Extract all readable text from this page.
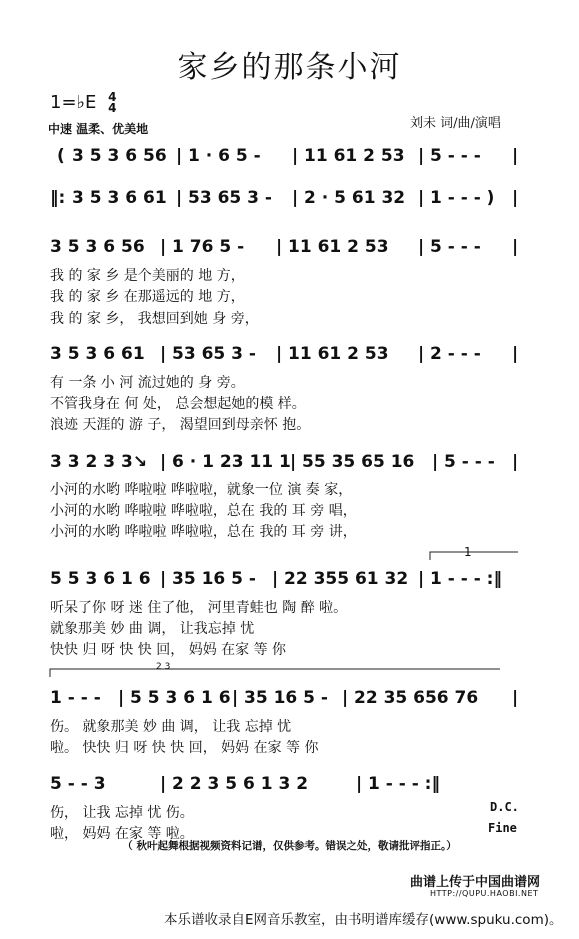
家乡的那条小河
1=♭E 4
4
中速 温柔、优美地	刘未 词/曲/演唱
( 3 5 3 6 56 | 1 · 6 5 - | 11 61 2 53 | 5 - - - |
‖: 3 5 3 6 61 | 53 65 3 - | 2 · 5 61 32 | 1 - - - ) |
3 5 3 6 56 | 1 76 5 - | 11 61 2 53 | 5 - - - |
我 的 家 乡 是个美丽的 地 方，
我 的 家 乡 在那遥远的 地 方，
我 的 家 乡， 我想回到她 身 旁，
3 5 3 6 61 | 53 65 3 - | 11 61 2 53 | 2 - - - |
有 一条 小 河 流过她的 身 旁。
不管我身在 何 处， 总会想起她的模 样。
浪迹 天涯的 游 子， 渴望回到母亲怀 抱。
3 3 2 3 3↘ | 6 · 1 23 11 1 | 55 35 65 16 | 5 - - - |
小河的水哟 哗啦啦 哗啦啦，就象一位 演 奏 家，
小河的水哟 哗啦啦 哗啦啦，总在 我的 耳 旁 唱，
小河的水哟 哗啦啦 哗啦啦，总在 我的 耳 旁 讲，
5 5 3 6 1 6 | 35 16 5 - | 22 355 61 32 | 1 - - - :‖
听呆了你 呀 迷 住了他， 河里青蛙也 陶 醉 啦。
就象那美 妙 曲 调， 让我忘掉 忧
快快 归 呀 快 快 回， 妈妈 在家 等 你
1 - - - | 5 5 3 6 1 6 | 35 16 5 - | 22 35 656 76 |
伤。 就象那美 妙 曲 调， 让我 忘掉 忧
啦。 快快 归 呀 快 快 回， 妈妈 在家 等 你
5 - - 3	| 2 2 3 5 6 1 3 2	| 1 - - - :‖
伤， 让我 忘掉 忧 伤。
啦， 妈妈 在家 等 啦。
1
2 3
D.C.
Fine
（ 秋叶起舞根据视频资料记谱，仅供参考。错误之处，敬请批评指正。）
曲谱上传于中国曲谱网
HTTP://QUPU.HAOBI.NET
本乐谱收录自E网音乐教室，由书明谱库缓存(www.spuku.com)。
